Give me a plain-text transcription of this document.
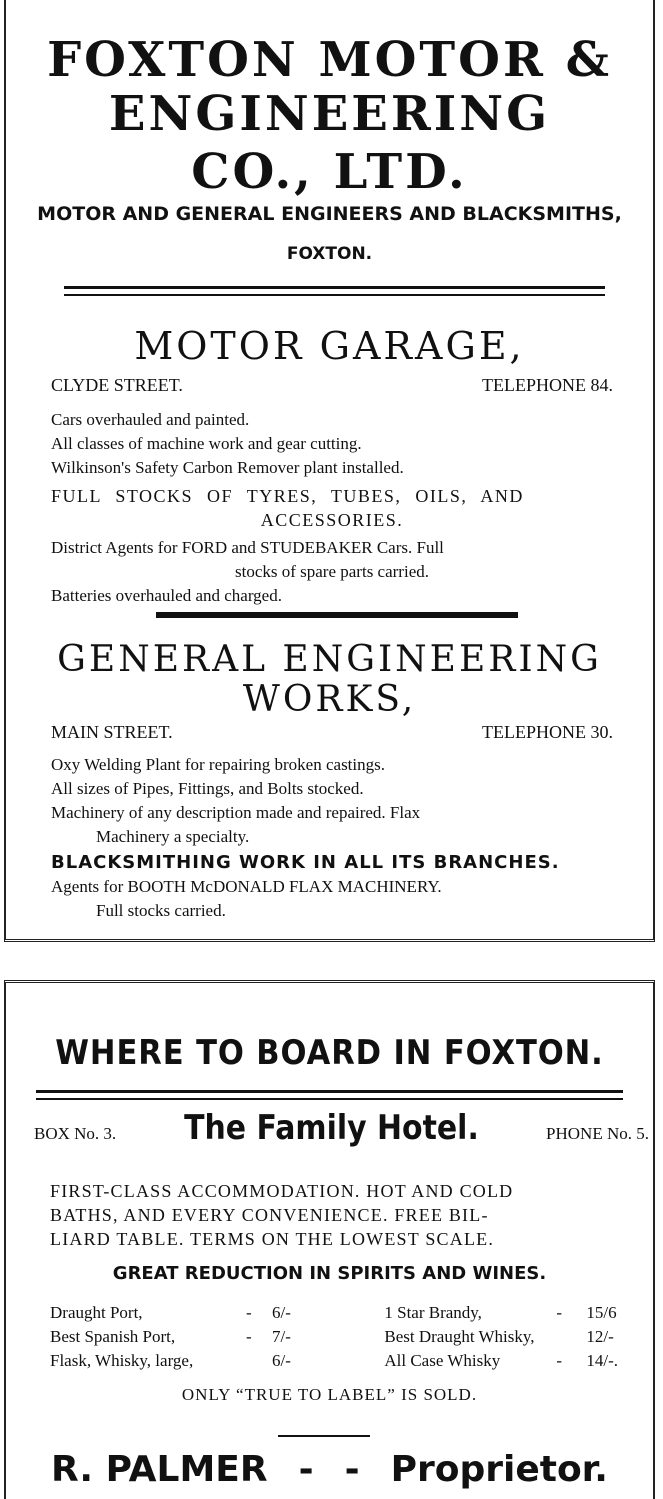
FOXTON MOTOR &
ENGINEERING
CO., LTD.
MOTOR AND GENERAL ENGINEERS AND BLACKSMITHS,
FOXTON.
MOTOR GARAGE,
CLYDE STREET.	TELEPHONE 84.

Cars overhauled and painted.

All classes of machine work and gear cutting.

Wilkinson's Safety Carbon Remover plant installed.

FULL STOCKS OF TYRES, TUBES, OILS, AND

ACCESSORIES.

District Agents for FORD and STUDEBAKER Cars. Full

stocks of spare parts carried.

Batteries overhauled and charged.

GENERAL ENGINEERING
WORKS,
MAIN STREET.	TELEPHONE 30.

Oxy Welding Plant for repairing broken castings.

All sizes of Pipes, Fittings, and Bolts stocked.

Machinery of any description made and repaired. Flax

Machinery a specialty.

BLACKSMITHING WORK IN ALL ITS BRANCHES.

Agents for BOOTH McDONALD FLAX MACHINERY.

Full stocks carried.

WHERE TO BOARD IN FOXTON.
BOX No. 3. The Family Hotel.	PHONE No. 5.

FIRST-CLASS ACCOMMODATION. HOT AND COLD

BATHS, AND EVERY CONVENIENCE. FREE BIL-

LIARD TABLE. TERMS ON THE LOWEST SCALE.

GREAT REDUCTION IN SPIRITS AND WINES.
Draught Port,	-	6/-
Best Spanish Port,	-	7/-
Flask, Whisky, large,		6/-
1 Star Brandy,	-	15/6
Best Draught Whisky,		12/-
All Case Whisky	-	14/-.
ONLY “TRUE TO LABEL” IS SOLD.
R. PALMER - - Proprietor.
